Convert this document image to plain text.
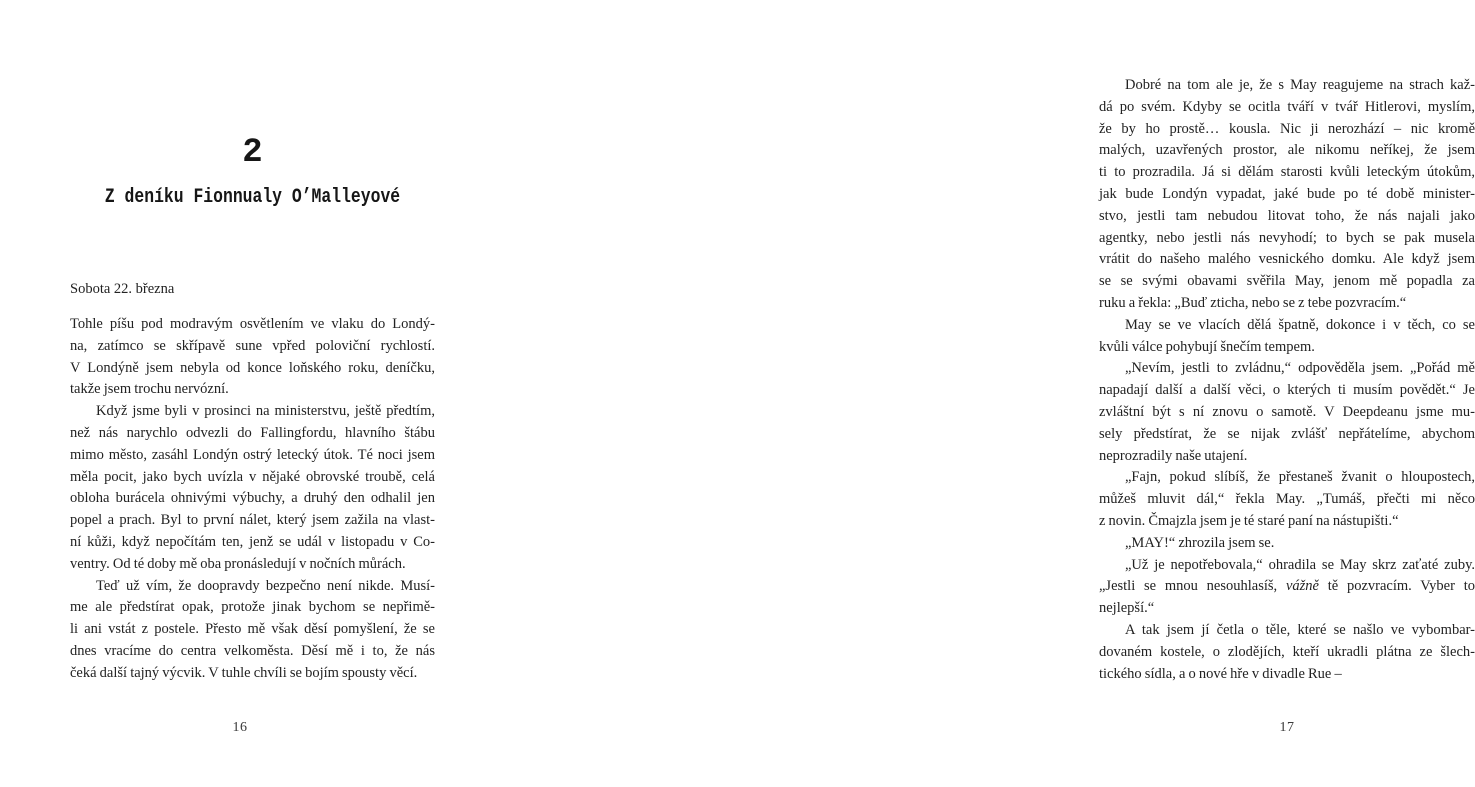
2
Z deníku Fionnualy O’Malleyové
Sobota 22. března
Tohle píšu pod modravým osvětlením ve vlaku do Londý-
na, zatímco se skřípavě sune vpřed poloviční rychlostí.
V Londýně jsem nebyla od konce loňského roku, deníčku,
takže jsem trochu nervózní.
Když jsme byli v prosinci na ministerstvu, ještě předtím,
než nás narychlo odvezli do Fallingfordu, hlavního štábu
mimo město, zasáhl Londýn ostrý letecký útok. Té noci jsem
měla pocit, jako bych uvízla v nějaké obrovské troubě, celá
obloha burácela ohnivými výbuchy, a druhý den odhalil jen
popel a prach. Byl to první nálet, který jsem zažila na vlast-
ní kůži, když nepočítám ten, jenž se udál v listopadu v Co-
ventry. Od té doby mě oba pronásledují v nočních můrách.
Teď už vím, že doopravdy bezpečno není nikde. Musí-
me ale předstírat opak, protože jinak bychom se nepřimě-
li ani vstát z postele. Přesto mě však děsí pomyšlení, že se
dnes vracíme do centra velkoměsta. Děsí mě i to, že nás
čeká další tajný výcvik. V tuhle chvíli se bojím spousty věcí.
16
Dobré na tom ale je, že s May reagujeme na strach kaž-
dá po svém. Kdyby se ocitla tváří v tvář Hitlerovi, myslím,
že by ho prostě… kousla. Nic ji nerozhází – nic kromě
malých, uzavřených prostor, ale nikomu neříkej, že jsem
ti to prozradila. Já si dělám starosti kvůli leteckým útokům,
jak bude Londýn vypadat, jaké bude po té době minister-
stvo, jestli tam nebudou litovat toho, že nás najali jako
agentky, nebo jestli nás nevyhodí; to bych se pak musela
vrátit do našeho malého vesnického domku. Ale když jsem
se se svými obavami svěřila May, jenom mě popadla za
ruku a řekla: „Buď zticha, nebo se z tebe pozvracím.“
May se ve vlacích dělá špatně, dokonce i v těch, co se
kvůli válce pohybují šnečím tempem.
„Nevím, jestli to zvládnu,“ odpověděla jsem. „Pořád mě
napadají další a další věci, o kterých ti musím povědět.“ Je
zvláštní být s ní znovu o samotě. V Deepdeanu jsme mu-
sely předstírat, že se nijak zvlášť nepřátelíme, abychom
neprozradily naše utajení.
„Fajn, pokud slíbíš, že přestaneš žvanit o hloupostech,
můžeš mluvit dál,“ řekla May. „Tumáš, přečti mi něco
z novin. Čmajzla jsem je té staré paní na nástupišti.“
„MAY!“ zhrozila jsem se.
„Už je nepotřebovala,“ ohradila se May skrz zaťaté zuby.
„Jestli se mnou nesouhlasíš, vážně tě pozvracím. Vyber to
nejlepší.“
A tak jsem jí četla o těle, které se našlo ve vybombar-
dovaném kostele, o zlodějích, kteří ukradli plátna ze šlech-
tického sídla, a o nové hře v divadle Rue –
17
